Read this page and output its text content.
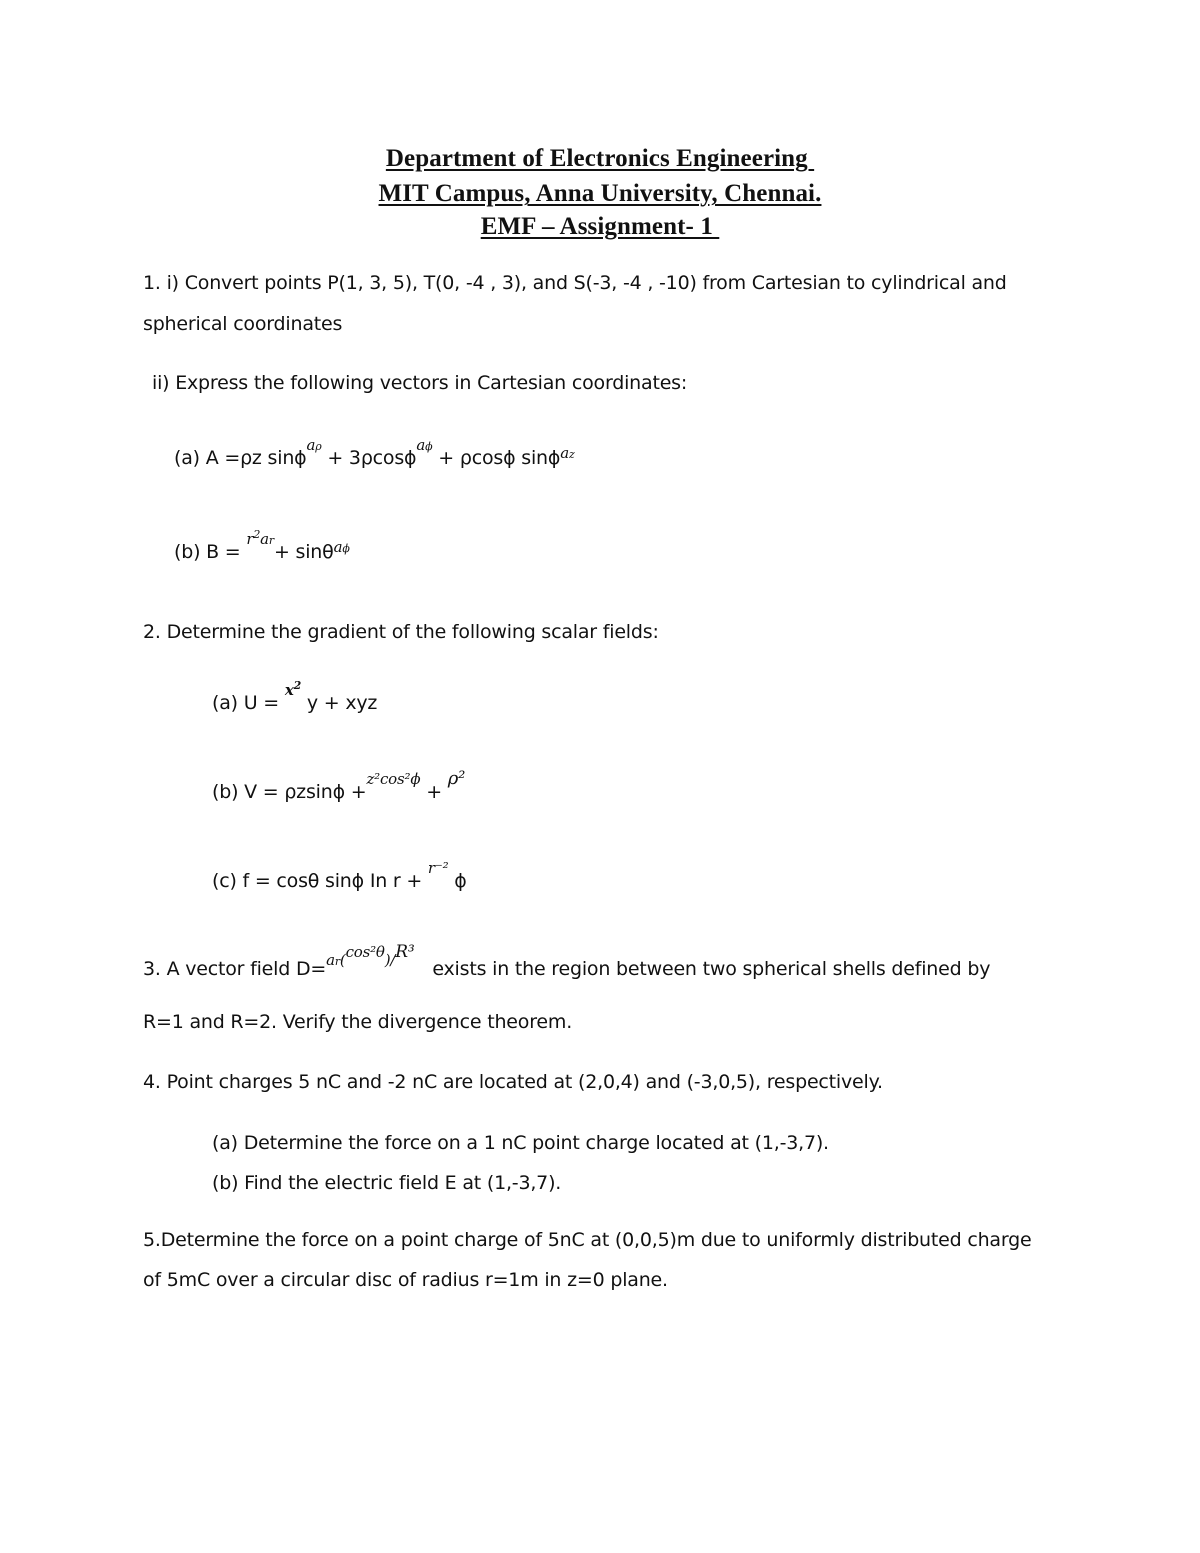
Department of Electronics Engineering
MIT Campus, Anna University, Chennai.
EMF – Assignment- 1
1. i) Convert points P(1, 3, 5), T(0, -4 , 3), and S(-3, -4 , -10) from Cartesian to cylindrical and
spherical coordinates
ii) Express the following vectors in Cartesian coordinates:
(a) A =ρz sinϕ$^{a\rho}$ + 3ρcosϕ$^{a\phi}$ + ρcosϕ sinϕ$^{az}$
(b) B = $^{r^2ar}$+ sinθ$^{a\phi}$
2. Determine the gradient of the following scalar fields:
(a) U = $^{x^2}$ y + xyz
(b) V = ρzsinϕ +$^{z^2cos^2\phi}$ + ρ²
(c) f = cosθ sinϕ In r + $^{r^{-2}}$ ϕ
3. A vector field D=$^{ar(cos^2\theta)/R^3}$ exists in the region between two spherical shells defined by
R=1 and R=2. Verify the divergence theorem.
4. Point charges 5 nC and -2 nC are located at (2,0,4) and (-3,0,5), respectively.
(a) Determine the force on a 1 nC point charge located at (1,-3,7).
(b) Find the electric field E at (1,-3,7).
5.Determine the force on a point charge of 5nC at (0,0,5)m due to uniformly distributed charge
of 5mC over a circular disc of radius r=1m in z=0 plane.
